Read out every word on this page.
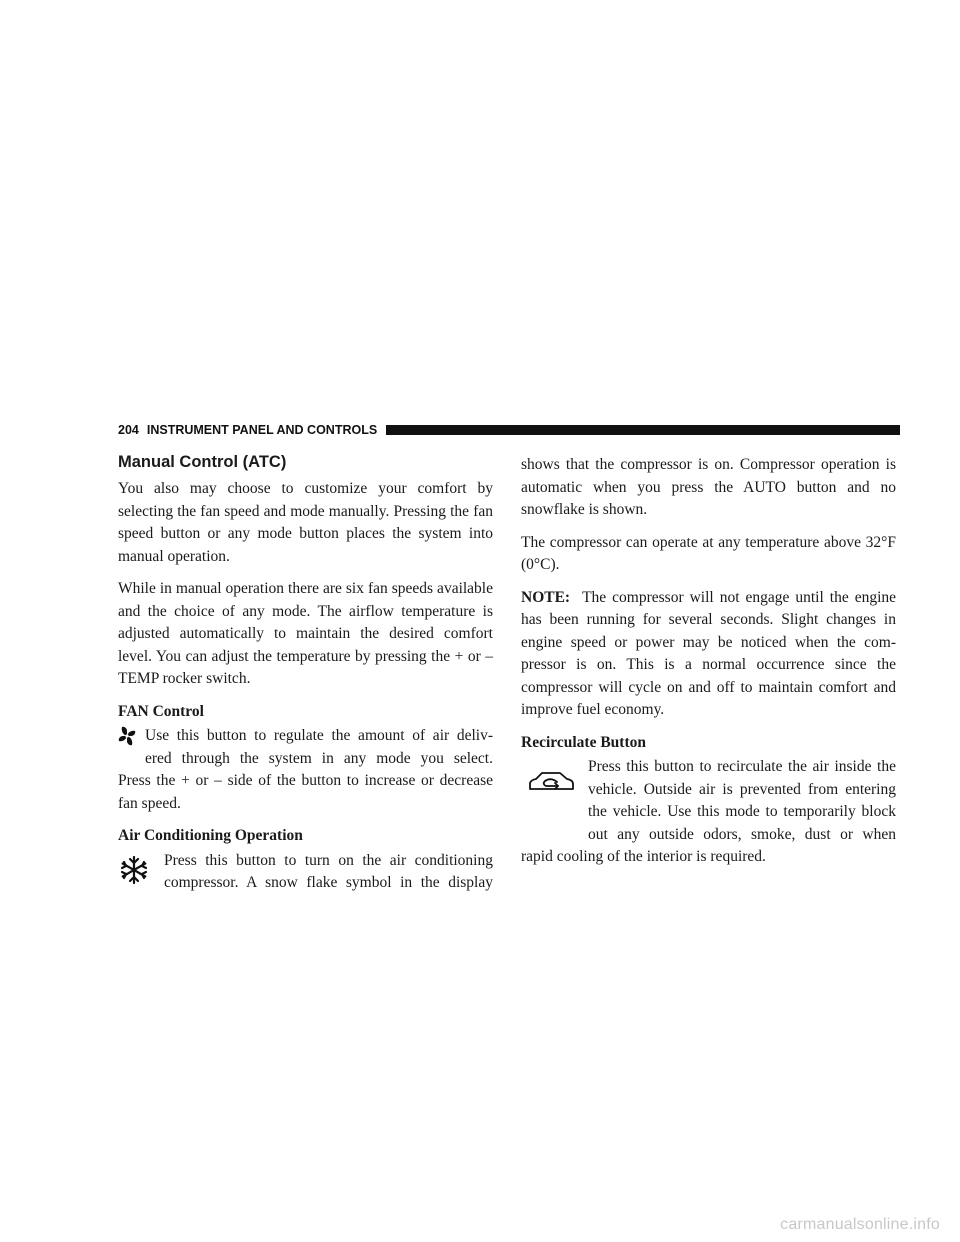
204 INSTRUMENT PANEL AND CONTROLS
Manual Control (ATC)

You also may choose to customize your comfort by selecting the fan speed and mode manually. Pressing the fan speed button or any mode button places the system into manual operation.

While in manual operation there are six fan speeds available and the choice of any mode. The airflow temperature is adjusted automatically to maintain the desired comfort level. You can adjust the temperature by pressing the + or – TEMP rocker switch.

FAN Control
Use this button to regulate the amount of air deliv-
ered through the system in any mode you select.
Press the + or – side of the button to increase or decrease fan speed.
Air Conditioning Operation
Press this button to turn on the air conditioning
compressor. A snow flake symbol in the display

shows that the compressor is on. Compressor operation is automatic when you press the AUTO button and no snowflake is shown.

The compressor can operate at any temperature above 32°F (0°C).

NOTE: The compressor will not engage until the engine has been running for several seconds. Slight changes in engine speed or power may be noticed when the com- pressor is on. This is a normal occurrence since the compressor will cycle on and off to maintain comfort and improve fuel economy.

Recirculate Button
Press this button to recirculate the air inside the
vehicle. Outside air is prevented from entering
the vehicle. Use this mode to temporarily block
out any outside odors, smoke, dust or when
rapid cooling of the interior is required.
carmanualsonline.info
